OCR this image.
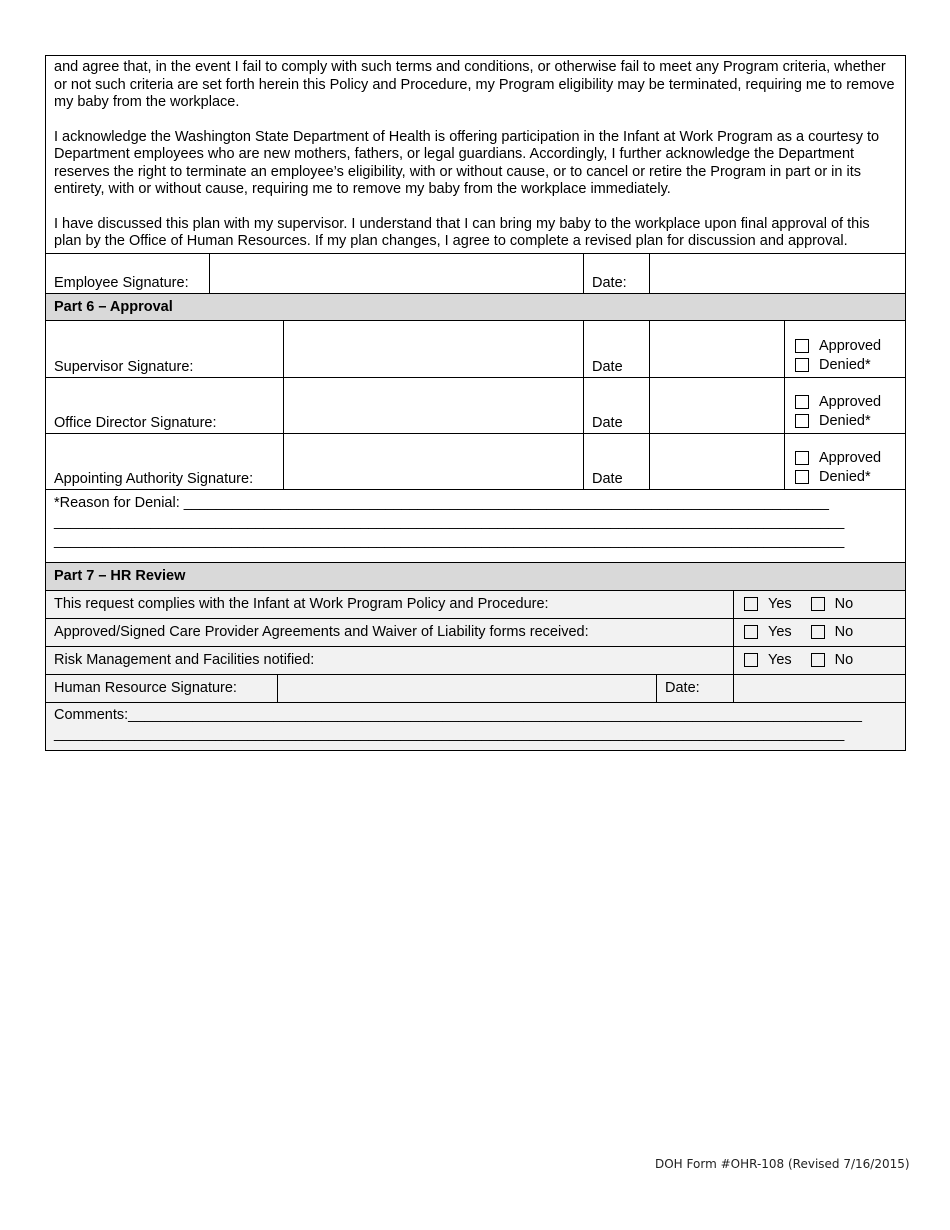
and agree that, in the event I fail to comply with such terms and conditions, or otherwise fail to meet any Program criteria, whether or not such criteria are set forth herein this Policy and Procedure, my Program eligibility may be terminated, requiring me to remove my baby from the workplace.

I acknowledge the Washington State Department of Health is offering participation in the Infant at Work Program as a courtesy to Department employees who are new mothers, fathers, or legal guardians. Accordingly, I further acknowledge the Department reserves the right to terminate an employee’s eligibility, with or without cause, or to cancel or retire the Program in part or in its entirety, with or without cause, requiring me to remove my baby from the workplace immediately.

I have discussed this plan with my supervisor. I understand that I can bring my baby to the workplace upon final approval of this plan by the Office of Human Resources. If my plan changes, I agree to complete a revised plan for discussion and approval.

Employee Signature:	Date:
Part 6 – Approval
Supervisor Signature:	Date
Approved
Denied*
Office Director Signature:	Date
Approved
Denied*
Appointing Authority Signature:	Date
Approved
Denied*
*Reason for Denial: ________________________________________________________________________________
__________________________________________________________________________________________________
__________________________________________________________________________________________________
Part 7 – HR Review
This request complies with the Infant at Work Program Policy and Procedure:	Yes	No
Approved/Signed Care Provider Agreements and Waiver of Liability forms received:	Yes	No
Risk Management and Facilities notified:	Yes	No
Human Resource Signature:	Date:
Comments:___________________________________________________________________________________________
__________________________________________________________________________________________________
DOH Form #OHR-108 (Revised 7/16/2015)
